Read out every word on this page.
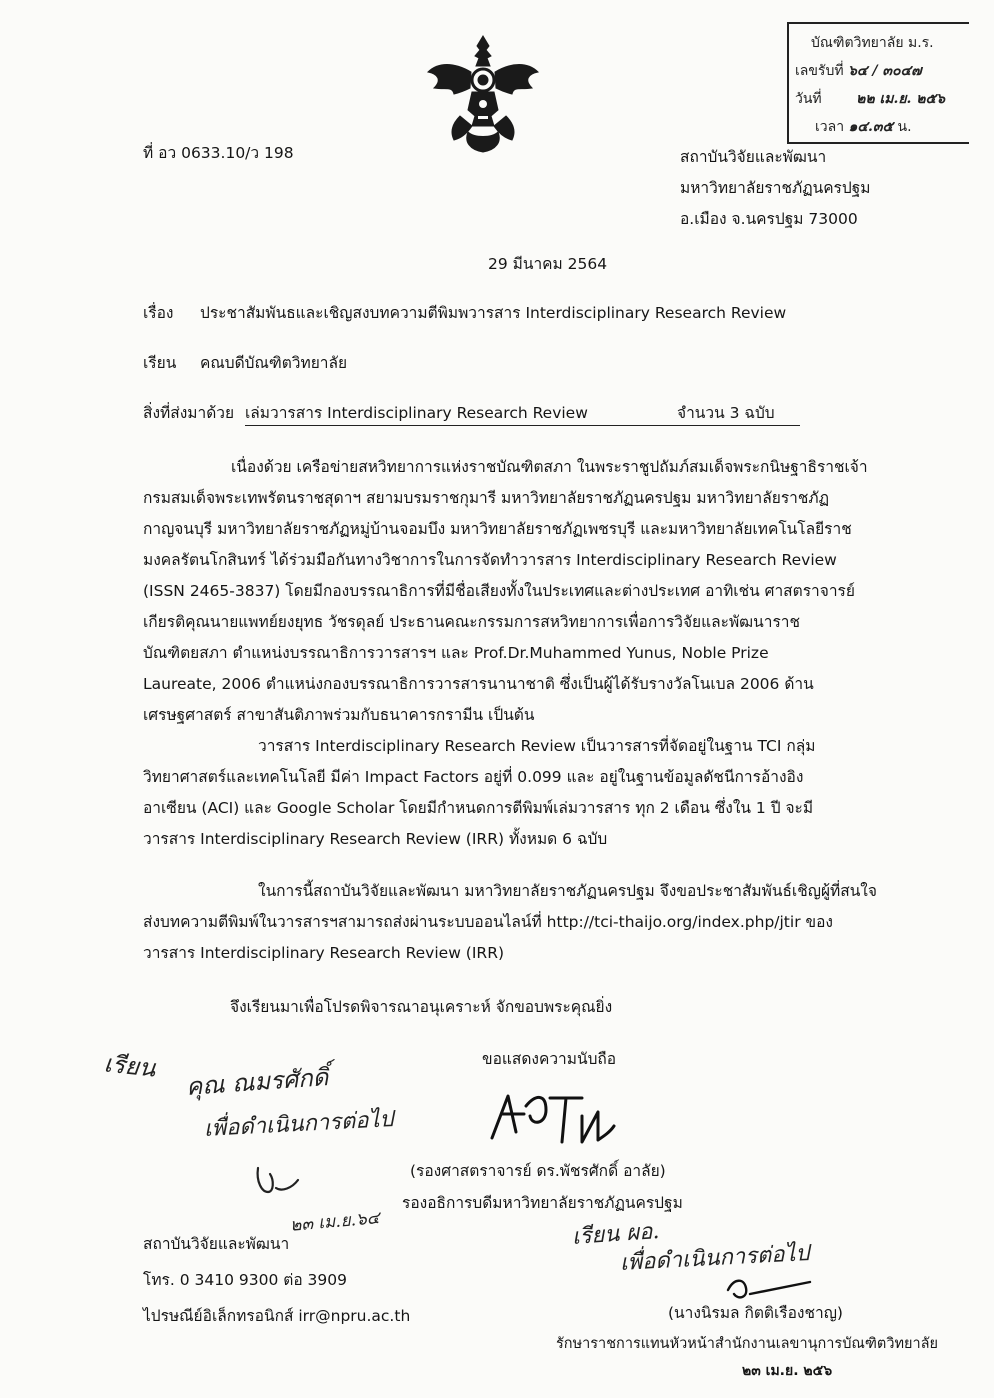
บัณฑิตวิทยาลัย ม.ร.
เลขรับที่ ๖๔ / ๓๐๔๗
วันที่ ๒๒ เม.ย. ๒๕๖
เวลา ๑๔.๓๕ น.
ที่ อว 0633.10/ว 198	สถาบันวิจัยและพัฒนา
มหาวิทยาลัยราชภัฏนครปฐม
อ.เมือง จ.นครปฐม 73000
29 มีนาคม 2564
เรื่อง ประชาสัมพันธและเชิญสงบทความตีพิมพวารสาร Interdisciplinary Research Review
เรียน คณบดีบัณฑิตวิทยาลัย
สิ่งที่ส่งมาด้วย เล่มวารสาร Interdisciplinary Research Review	จำนวน 3 ฉบับ
เนื่องด้วย เครือข่ายสหวิทยาการแห่งราชบัณฑิตสภา ในพระราชูปถัมภ์สมเด็จพระกนิษฐาธิราชเจ้า
กรมสมเด็จพระเทพรัตนราชสุดาฯ สยามบรมราชกุมารี มหาวิทยาลัยราชภัฏนครปฐม มหาวิทยาลัยราชภัฏ
กาญจนบุรี มหาวิทยาลัยราชภัฏหมู่บ้านจอมบึง มหาวิทยาลัยราชภัฏเพชรบุรี และมหาวิทยาลัยเทคโนโลยีราช
มงคลรัตนโกสินทร์ ได้ร่วมมือกันทางวิชาการในการจัดทำวารสาร Interdisciplinary Research Review
(ISSN 2465-3837) โดยมีกองบรรณาธิการที่มีชื่อเสียงทั้งในประเทศและต่างประเทศ อาทิเช่น ศาสตราจารย์
เกียรติคุณนายแพทย์ยงยุทธ วัชรดุลย์ ประธานคณะกรรมการสหวิทยาการเพื่อการวิจัยและพัฒนาราช
บัณฑิตยสภา ตำแหน่งบรรณาธิการวารสารฯ และ Prof.Dr.Muhammed Yunus, Noble Prize
Laureate, 2006 ตำแหน่งกองบรรณาธิการวารสารนานาชาติ ซึ่งเป็นผู้ได้รับรางวัลโนเบล 2006 ด้าน
เศรษฐศาสตร์ สาขาสันติภาพร่วมกับธนาคารกรามีน เป็นต้น
วารสาร Interdisciplinary Research Review เป็นวารสารที่จัดอยู่ในฐาน TCI กลุ่ม
วิทยาศาสตร์และเทคโนโลยี มีค่า Impact Factors อยู่ที่ 0.099 และ อยู่ในฐานข้อมูลดัชนีการอ้างอิง
อาเซียน (ACI) และ Google Scholar โดยมีกำหนดการตีพิมพ์เล่มวารสาร ทุก 2 เดือน ซึ่งใน 1 ปี จะมี
วารสาร Interdisciplinary Research Review (IRR) ทั้งหมด 6 ฉบับ
ในการนี้สถาบันวิจัยและพัฒนา มหาวิทยาลัยราชภัฏนครปฐม จึงขอประชาสัมพันธ์เชิญผู้ที่สนใจ
ส่งบทความตีพิมพ์ในวารสารฯสามารถส่งผ่านระบบออนไลน์ที่ http://tci-thaijo.org/index.php/jtir ของ
วารสาร Interdisciplinary Research Review (IRR)
จึงเรียนมาเพื่อโปรดพิจารณาอนุเคราะห์ จักขอบพระคุณยิ่ง
ขอแสดงความนับถือ
(รองศาสตราจารย์ ดร.พัชรศักดิ์ อาลัย)
รองอธิการบดีมหาวิทยาลัยราชภัฏนครปฐม
สถาบันวิจัยและพัฒนา
โทร. 0 3410 9300 ต่อ 3909
ไปรษณีย์อิเล็กทรอนิกส์ irr@npru.ac.th
เรียน คุณ ณมรศักดิ์
เพื่อดำเนินการต่อไป
๒๓ เม.ย.๖๔	เรียน ผอ.
เพื่อดำเนินการต่อไป
(นางนิรมล กิตติเรืองชาญ)
รักษาราชการแทนหัวหน้าสำนักงานเลขานุการบัณฑิตวิทยาลัย
๒๓ เม.ย. ๒๕๖
